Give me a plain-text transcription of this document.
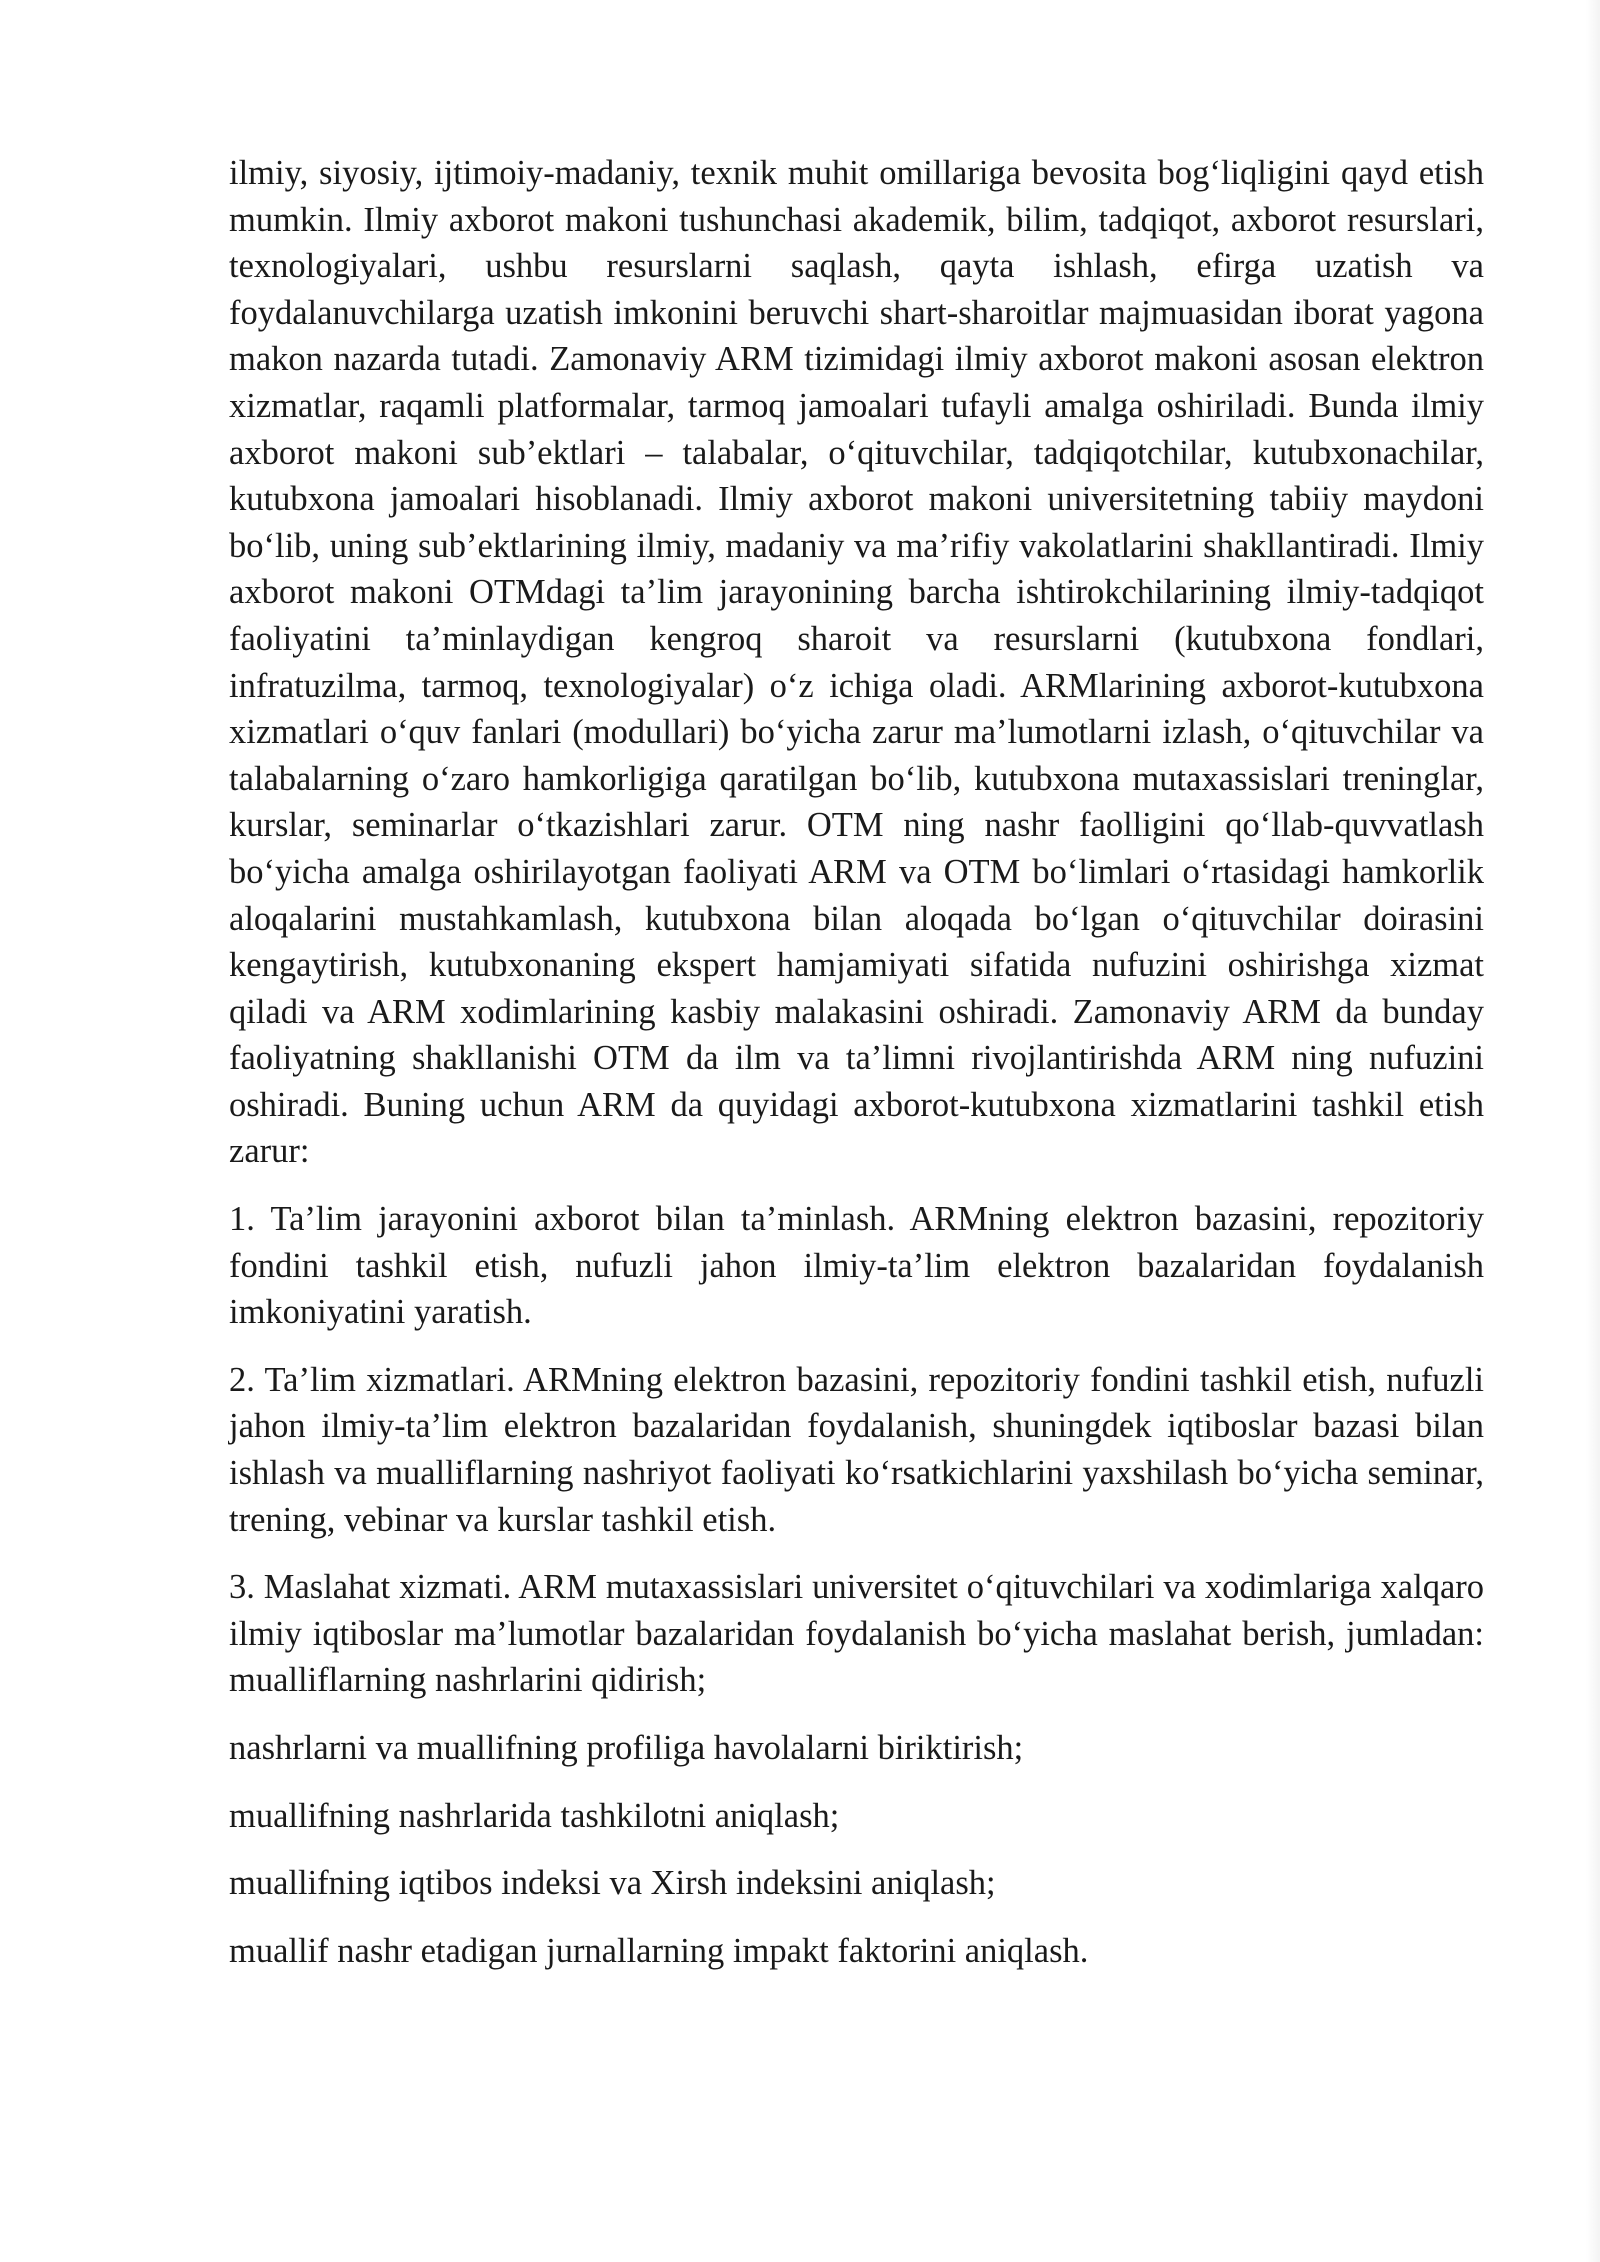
ilmiy, siyosiy, ijtimoiy-madaniy, texnik muhit omillariga bevosita bog‘liqligini qayd etish mumkin. Ilmiy axborot makoni tushunchasi akademik, bilim, tadqiqot, axborot resurslari, texnologiyalari, ushbu resurslarni saqlash, qayta ishlash, efirga uzatish va foydalanuvchilarga uzatish imkonini beruvchi shart-sharoitlar majmuasidan iborat yagona makon nazarda tutadi. Zamonaviy ARM tizimidagi ilmiy axborot makoni asosan elektron xizmatlar, raqamli platformalar, tarmoq jamoalari tufayli amalga oshiriladi. Bunda ilmiy axborot makoni sub’ektlari – talabalar, o‘qituvchilar, tadqiqotchilar, kutubxonachilar, kutubxona jamoalari hisoblanadi. Ilmiy axborot makoni universitetning tabiiy maydoni bo‘lib, uning sub’ektlarining ilmiy, madaniy va ma’rifiy vakolatlarini shakllantiradi. Ilmiy axborot makoni OTMdagi ta’lim jarayonining barcha ishtirokchilarining ilmiy-tadqiqot faoliyatini ta’minlaydigan kengroq sharoit va resurslarni (kutubxona fondlari, infratuzilma, tarmoq, texnologiyalar) o‘z ichiga oladi. ARMlarining axborot-kutubxona xizmatlari o‘quv fanlari (modullari) bo‘yicha zarur ma’lumotlarni izlash, o‘qituvchilar va talabalarning o‘zaro hamkorligiga qaratilgan bo‘lib, kutubxona mutaxassislari treninglar, kurslar, seminarlar o‘tkazishlari zarur. OTM ning nashr faolligini qo‘llab-quvvatlash bo‘yicha amalga oshirilayotgan faoliyati ARM va OTM bo‘limlari o‘rtasidagi hamkorlik aloqalarini mustahkamlash, kutubxona bilan aloqada bo‘lgan o‘qituvchilar doirasini kengaytirish, kutubxonaning ekspert hamjamiyati sifatida nufuzini oshirishga xizmat qiladi va ARM xodimlarining kasbiy malakasini oshiradi. Zamonaviy ARM da bunday faoliyatning shakllanishi OTM da ilm va ta’limni rivojlantirishda ARM ning nufuzini oshiradi. Buning uchun ARM da quyidagi axborot-kutubxona xizmatlarini tashkil etish zarur:

1. Ta’lim jarayonini axborot bilan ta’minlash. ARMning elektron bazasini, repozitoriy fondini tashkil etish, nufuzli jahon ilmiy-ta’lim elektron bazalaridan foydalanish imkoniyatini yaratish.

2. Ta’lim xizmatlari. ARMning elektron bazasini, repozitoriy fondini tashkil etish, nufuzli jahon ilmiy-ta’lim elektron bazalaridan foydalanish, shuningdek iqtiboslar bazasi bilan ishlash va mualliflarning nashriyot faoliyati ko‘rsatkichlarini yaxshilash bo‘yicha seminar, trening, vebinar va kurslar tashkil etish.

3. Maslahat xizmati. ARM mutaxassislari universitet o‘qituvchilari va xodimlariga xalqaro ilmiy iqtiboslar ma’lumotlar bazalaridan foydalanish bo‘yicha maslahat berish, jumladan: mualliflarning nashrlarini qidirish;

nashrlarni va muallifning profiliga havolalarni biriktirish;

muallifning nashrlarida tashkilotni aniqlash;

muallifning iqtibos indeksi va Xirsh indeksini aniqlash;

muallif nashr etadigan jurnallarning impakt faktorini aniqlash.
